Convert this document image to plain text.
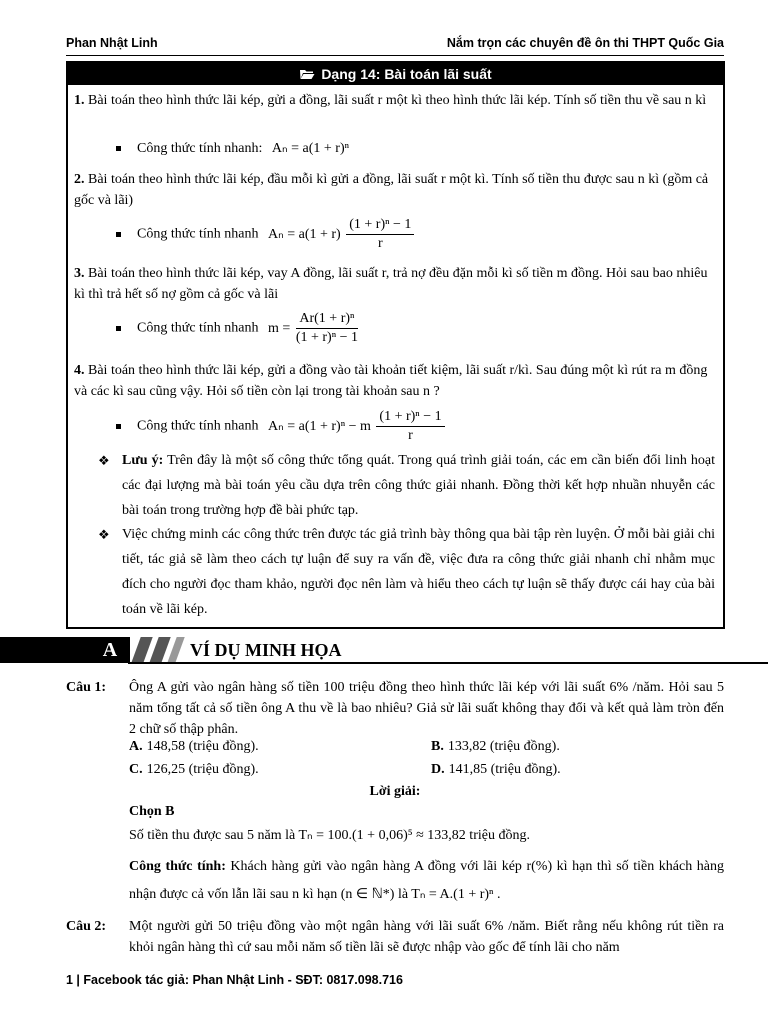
Phan Nhật Linh	Nắm trọn các chuyên đề ôn thi THPT Quốc Gia
Dạng 14: Bài toán lãi suất
1. Bài toán theo hình thức lãi kép, gửi a đồng, lãi suất r một kì theo hình thức lãi kép. Tính số tiền thu về sau n kì
Công thức tính nhanh: Aₙ = a(1 + r)ⁿ
2. Bài toán theo hình thức lãi kép, đầu mỗi kì gửi a đồng, lãi suất r một kì. Tính số tiền thu được sau n kì (gồm cả gốc và lãi)
Công thức tính nhanh $A_n = a(1 + r) \frac{\text{(1 + r)ⁿ − 1}}{r}$
3. Bài toán theo hình thức lãi kép, vay A đồng, lãi suất r, trả nợ đều đặn mỗi kì số tiền m đồng. Hỏi sau bao nhiêu kì thì trả hết số nợ gồm cả gốc và lãi
Công thức tính nhanh $m = \frac{\text{Ar(1 + r)ⁿ}}{\text{(1 + r)ⁿ − 1}}$
4. Bài toán theo hình thức lãi kép, gửi a đồng vào tài khoản tiết kiệm, lãi suất r/kì. Sau đúng một kì rút ra m đồng và các kì sau cũng vậy. Hỏi số tiền còn lại trong tài khoản sau n ?
Công thức tính nhanh Aₙ = a(1 + r)ⁿ − m $\frac{\text{(1 + r)ⁿ − 1}}{r}$
❖ Lưu ý: Trên đây là một số công thức tổng quát. Trong quá trình giải toán, các em cần biến đổi linh hoạt các đại lượng mà bài toán yêu cầu dựa trên công thức giải nhanh. Đồng thời kết hợp nhuần nhuyễn các bài toán trong trường hợp đề bài phức tạp.
❖ Việc chứng minh các công thức trên được tác giả trình bày thông qua bài tập rèn luyện. Ở mỗi bài giải chi tiết, tác giả sẽ làm theo cách tự luận để suy ra vấn đề, việc đưa ra công thức giải nhanh chỉ nhằm mục đích cho người đọc tham khảo, người đọc nên làm và hiểu theo cách tự luận sẽ thấy được cái hay của bài toán về lãi kép.
A	VÍ DỤ MINH HỌA
Câu 1: Ông A gửi vào ngân hàng số tiền 100 triệu đồng theo hình thức lãi kép với lãi suất 6% /năm. Hỏi sau 5 năm tổng tất cả số tiền ông A thu về là bao nhiêu? Giả sử lãi suất không thay đổi và kết quả làm tròn đến 2 chữ số thập phân.
A. 148,58 (triệu đồng).	B. 133,82 (triệu đồng).
C. 126,25 (triệu đồng).	D. 141,85 (triệu đồng).
Lời giải:
Chọn B
Số tiền thu được sau 5 năm là Tₙ = 100.(1 + 0,06)⁵ ≈ 133,82 triệu đồng.
Công thức tính: Khách hàng gửi vào ngân hàng A đồng với lãi kép r(%) kì hạn thì số tiền khách hàng nhận được cả vốn lẫn lãi sau n kì hạn (n ∈ ℕ*) là Tₙ = A.(1 + r)ⁿ .
Câu 2: Một người gửi 50 triệu đồng vào một ngân hàng với lãi suất 6% /năm. Biết rằng nếu không rút tiền ra khỏi ngân hàng thì cứ sau mỗi năm số tiền lãi sẽ được nhập vào gốc để tính lãi cho năm
1 | Facebook tác giả: Phan Nhật Linh - SĐT: 0817.098.716
